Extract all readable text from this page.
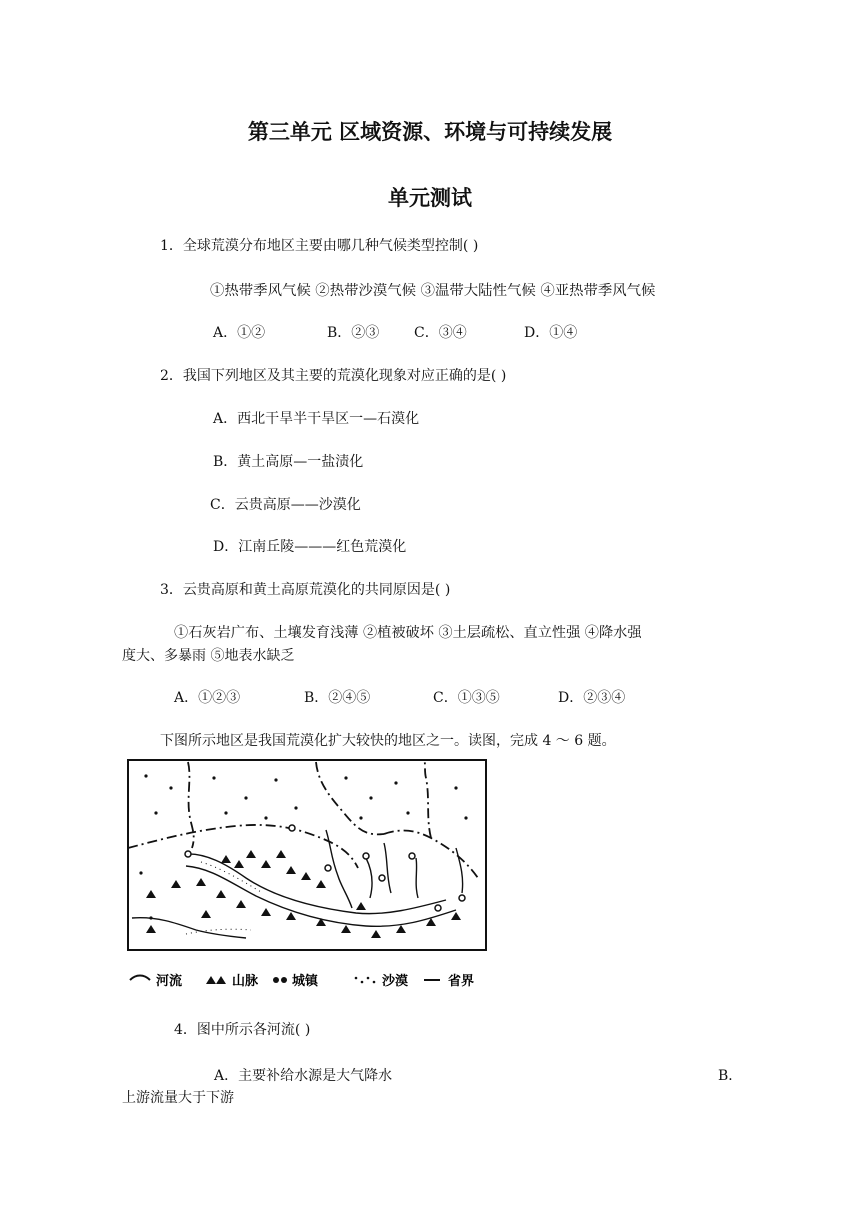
第三单元 区域资源、环境与可持续发展
单元测试
1．全球荒漠分布地区主要由哪几种气候类型控制( )
①热带季风气候 ②热带沙漠气候 ③温带大陆性气候 ④亚热带季风气候
A．①②	B．②③ C．③④	D．①④
2．我国下列地区及其主要的荒漠化现象对应正确的是( )
A．西北干旱半干旱区一—石漠化
B．黄土高原—一盐渍化
C．云贵高原——沙漠化
D．江南丘陵———红色荒漠化
3．云贵高原和黄土高原荒漠化的共同原因是( )
①石灰岩广布、土壤发育浅薄 ②植被破坏 ③土层疏松、直立性强 ④降水强
度大、多暴雨 ⑤地表水缺乏
A．①②③	B．②④⑤	C．①③⑤	D．②③④
下图所示地区是我国荒漠化扩大较快的地区之一。读图，完成 4 ～ 6 题。
河流	山脉	城镇	沙漠	省界
4．图中所示各河流( )
A．主要补给水源是大气降水	B．
上游流量大于下游
